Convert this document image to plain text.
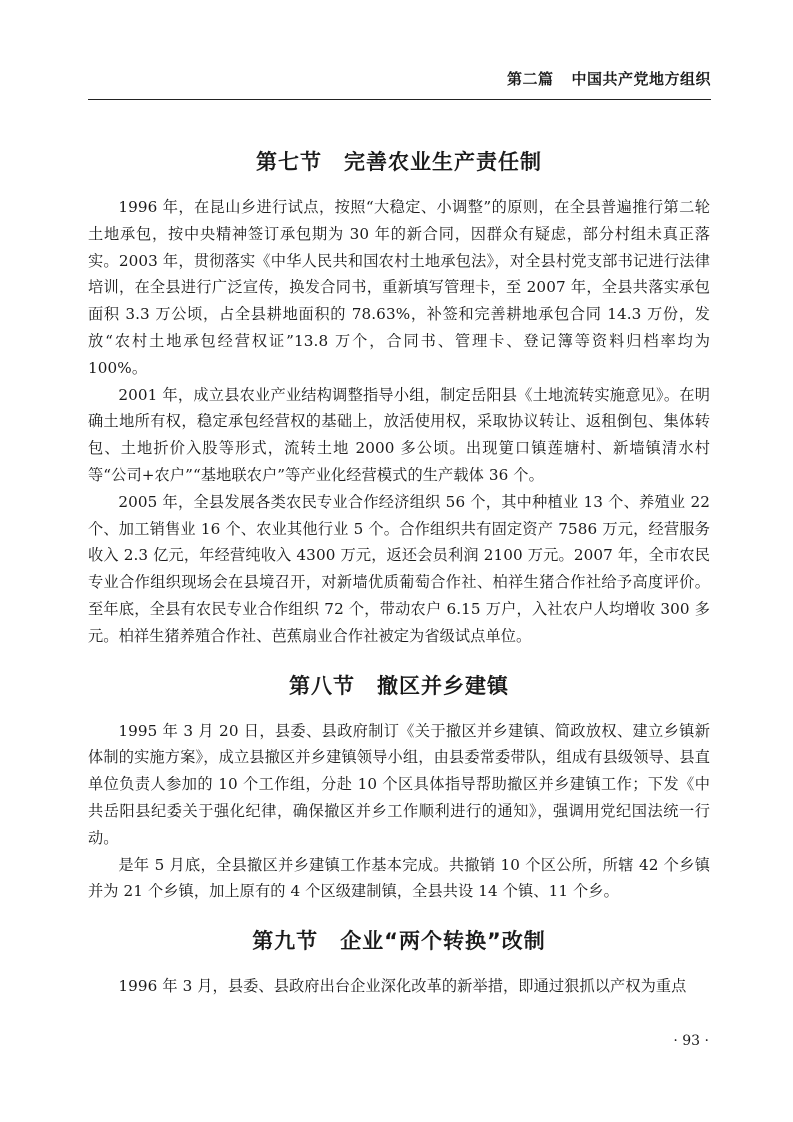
第二篇 中国共产党地方组织
第七节 完善农业生产责任制

1996 年，在昆山乡进行试点，按照“大稳定、小调整”的原则，在全县普遍推行第二轮土地承包，按中央精神签订承包期为 30 年的新合同，因群众有疑虑，部分村组未真正落实。2003 年，贯彻落实《中华人民共和国农村土地承包法》，对全县村党支部书记进行法律培训，在全县进行广泛宣传，换发合同书，重新填写管理卡，至 2007 年，全县共落实承包面积 3.3 万公顷，占全县耕地面积的 78.63%，补签和完善耕地承包合同 14.3 万份，发放“农村土地承包经营权证”13.8 万个，合同书、管理卡、登记簿等资料归档率均为 100%。

2001 年，成立县农业产业结构调整指导小组，制定岳阳县《土地流转实施意见》。在明确土地所有权，稳定承包经营权的基础上，放活使用权，采取协议转让、返租倒包、集体转包、土地折价入股等形式，流转土地 2000 多公顷。出现筻口镇莲塘村、新墙镇清水村等“公司+农户”“基地联农户”等产业化经营模式的生产载体 36 个。

2005 年，全县发展各类农民专业合作经济组织 56 个，其中种植业 13 个、养殖业 22 个、加工销售业 16 个、农业其他行业 5 个。合作组织共有固定资产 7586 万元，经营服务收入 2.3 亿元，年经营纯收入 4300 万元，返还会员利润 2100 万元。2007 年，全市农民专业合作组织现场会在县境召开，对新墙优质葡萄合作社、柏祥生猪合作社给予高度评价。至年底，全县有农民专业合作组织 72 个，带动农户 6.15 万户，入社农户人均增收 300 多元。柏祥生猪养殖合作社、芭蕉扇业合作社被定为省级试点单位。

第八节 撤区并乡建镇

1995 年 3 月 20 日，县委、县政府制订《关于撤区并乡建镇、简政放权、建立乡镇新体制的实施方案》，成立县撤区并乡建镇领导小组，由县委常委带队，组成有县级领导、县直单位负责人参加的 10 个工作组，分赴 10 个区具体指导帮助撤区并乡建镇工作；下发《中共岳阳县纪委关于强化纪律，确保撤区并乡工作顺利进行的通知》，强调用党纪国法统一行动。

是年 5 月底，全县撤区并乡建镇工作基本完成。共撤销 10 个区公所，所辖 42 个乡镇并为 21 个乡镇，加上原有的 4 个区级建制镇，全县共设 14 个镇、11 个乡。

第九节 企业“两个转换”改制

1996 年 3 月，县委、县政府出台企业深化改革的新举措，即通过狠抓以产权为重点

· 93 ·
